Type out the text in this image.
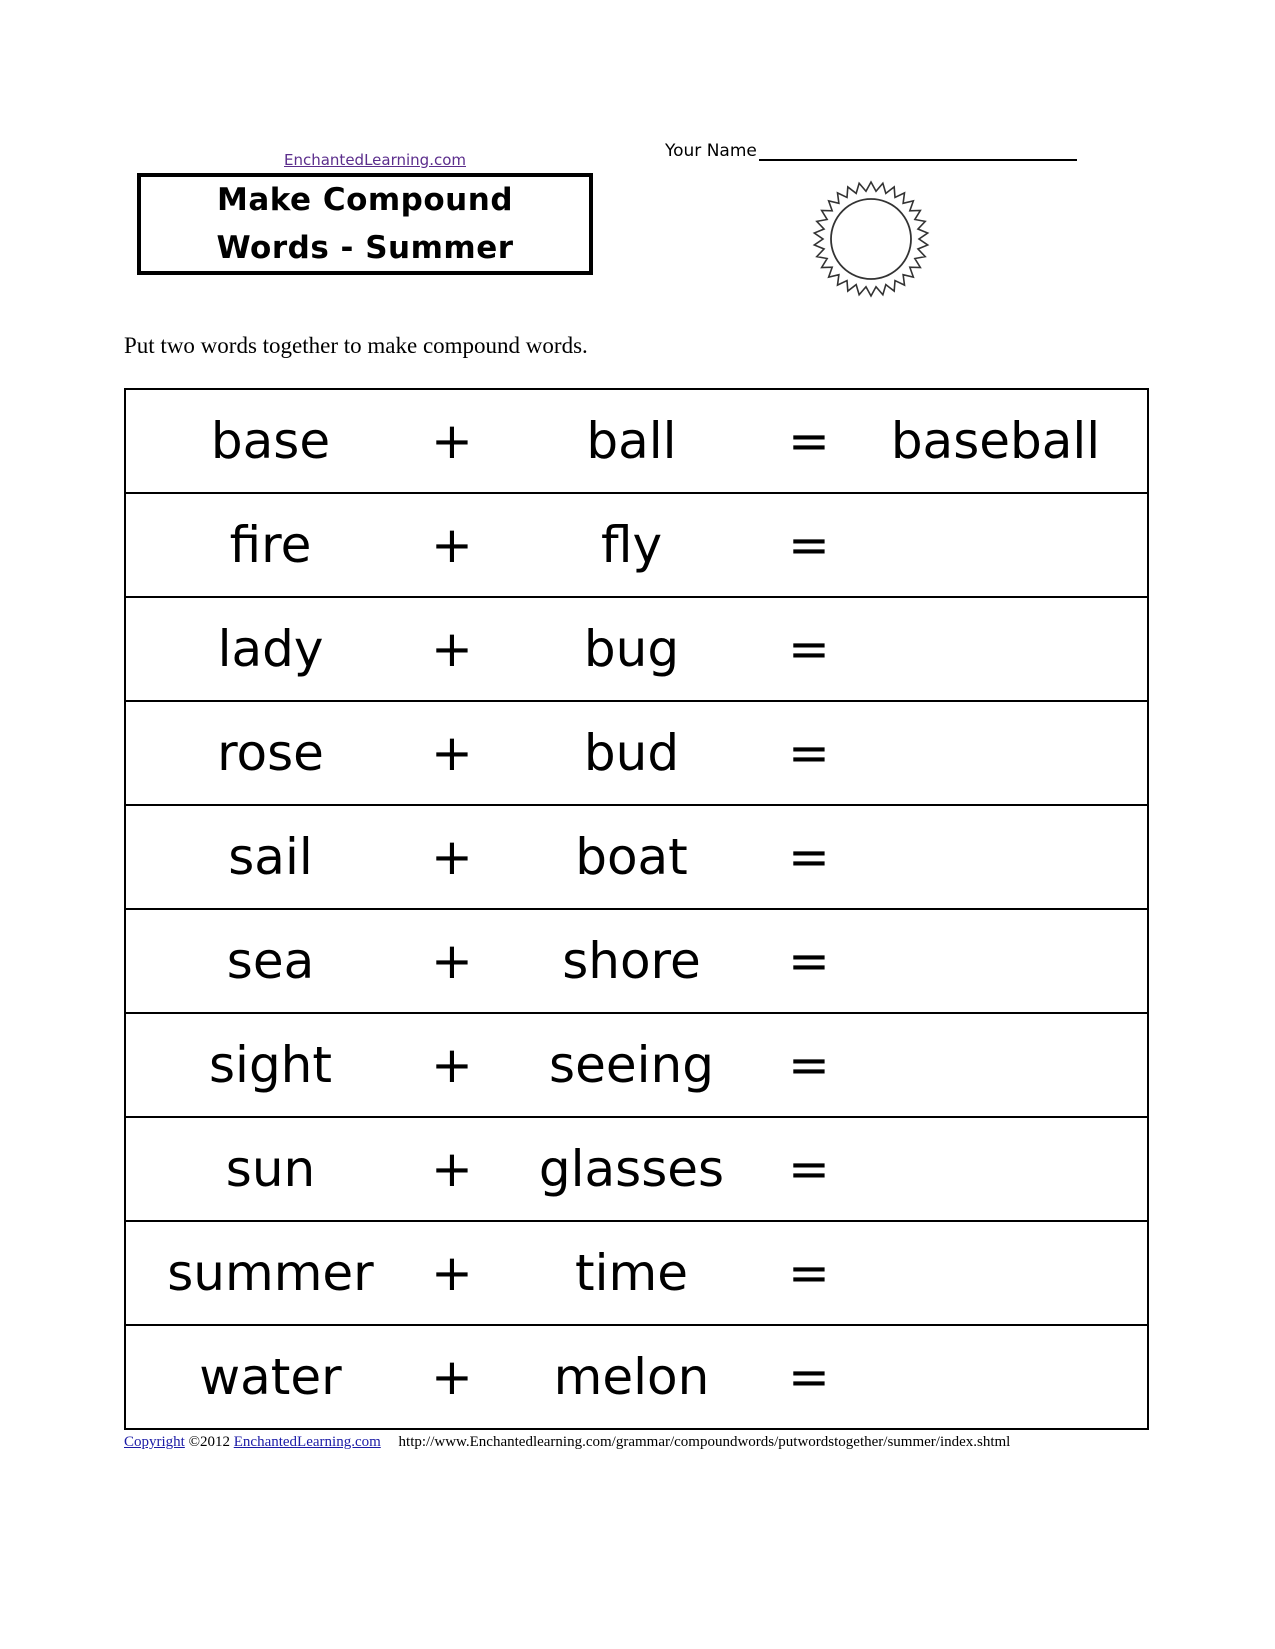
EnchantedLearning.com
Make Compound Words - Summer
Your Name
Put two words together to make compound words.
base	+	ball	=	baseball
fire	+	fly	=	
lady	+	bug	=	
rose	+	bud	=	
sail	+	boat	=	
sea	+	shore	=	
sight	+	seeing	=	
sun	+	glasses	=	
summer	+	time	=	
water	+	melon	=	
Copyright ©2012 EnchantedLearning.com http://www.Enchantedlearning.com/grammar/compoundwords/putwordstogether/summer/index.shtml
